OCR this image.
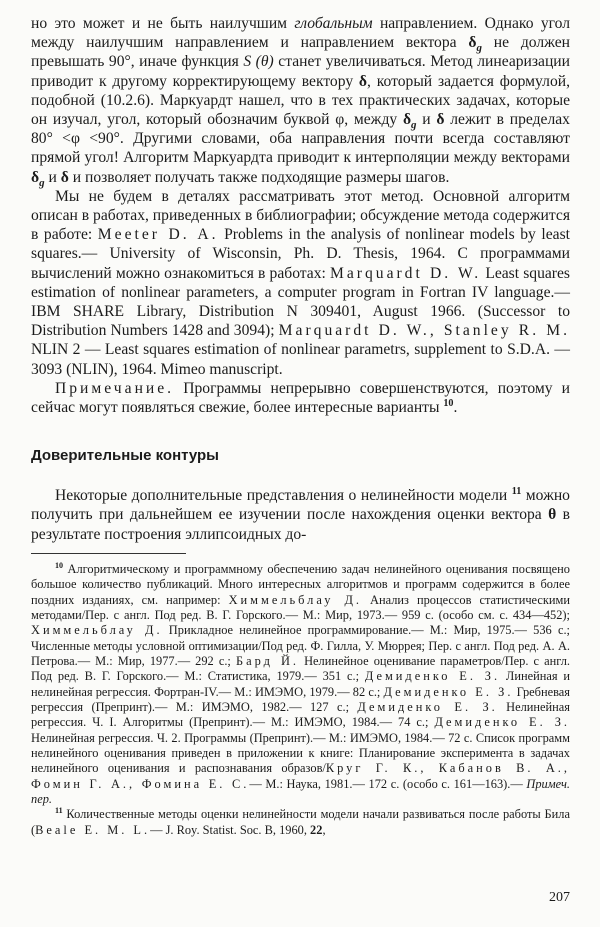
но это может и не быть наилучшим глобальным направлением. Однако угол между наилучшим направлением и направлением вектора $\delta_g$ не должен превышать 90°, иначе функция S (θ) станет увеличиваться. Метод линеаризации приводит к другому корректирующему вектору δ, который задается формулой, подобной (10.2.6). Маркуардт нашел, что в тех практических задачах, которые он изучал, угол, который обозначим буквой φ, между $\delta_g$ и δ лежит в пределах 80° <φ <90°. Другими словами, оба направления почти всегда составляют прямой угол! Алгоритм Маркуардта приводит к интерполяции между векторами $\delta_g$ и δ и позволяет получать также подходящие размеры шагов.

Мы не будем в деталях рассматривать этот метод. Основной алгоритм описан в работах, приведенных в библиографии; обсуждение метода содержится в работе: Meeter D. A. Problems in the analysis of nonlinear models by least squares.— University of Wisconsin, Ph. D. Thesis, 1964. С программами вычислений можно ознакомиться в работах: Marquardt D. W. Least squares estimation of nonlinear parameters, a computer program in Fortran IV language.— IBM SHARE Library, Distribution N 309401, August 1966. (Successor to Distribution Numbers 1428 and 3094); Marquardt D. W., Stanley R. M. NLIN 2 — Least squares estimation of nonlinear parametrs, supplement to S.D.A. — 3093 (NLIN), 1964. Mimeo manuscript.

Примечание. Программы непрерывно совершенствуются, поэтому и сейчас могут появляться свежие, более интересные варианты $^{10}$.

Доверительные контуры

Некоторые дополнительные представления о нелинейности модели $^{11}$ можно получить при дальнейшем ее изучении после нахождения оценки вектора θ в результате построения эллипсоидных до-

$^{10}$ Алгоритмическому и программному обеспечению задач нелинейного оценивания посвящено большое количество публикаций. Много интересных алгоритмов и программ содержится в более поздних изданиях, см. например: Химмельблау Д. Анализ процессов статистическими методами/Пер. с англ. Под ред. В. Г. Горского.— М.: Мир, 1973.— 959 с. (особо см. с. 434—452); Химмельблау Д. Прикладное нелинейное программирование.— М.: Мир, 1975.— 536 с.; Численные методы условной оптимизации/Под ред. Ф. Гилла, У. Мюррея; Пер. с англ. Под ред. А. А. Петрова.— М.: Мир, 1977.— 292 с.; Бард Й. Нелинейное оценивание параметров/Пер. с англ. Под ред. В. Г. Горского.— М.: Статистика, 1979.— 351 с.; Демиденко Е. З. Линейная и нелинейная регрессия. Фортран-IV.— М.: ИМЭМО, 1979.— 82 с.; Демиденко Е. З. Гребневая регрессия (Препринт).— М.: ИМЭМО, 1982.— 127 с.; Демиденко Е. З. Нелинейная регрессия. Ч. I. Алгоритмы (Препринт).— М.: ИМЭМО, 1984.— 74 с.; Демиденко Е. З. Нелинейная регрессия. Ч. 2. Программы (Препринт).— М.: ИМЭМО, 1984.— 72 с. Список программ нелинейного оценивания приведен в приложении к книге: Планирование эксперимента в задачах нелинейного оценивания и распознавания образов/Круг Г. К., Кабанов В. А., Фомин Г. А., Фомина Е. С.— М.: Наука, 1981.— 172 с. (особо с. 161—163).— Примеч. пер.

$^{11}$ Количественные методы оценки нелинейности модели начали развиваться после работы Била (Beale E. M. L.— J. Roy. Statist. Soc. B, 1960, 22,

207
